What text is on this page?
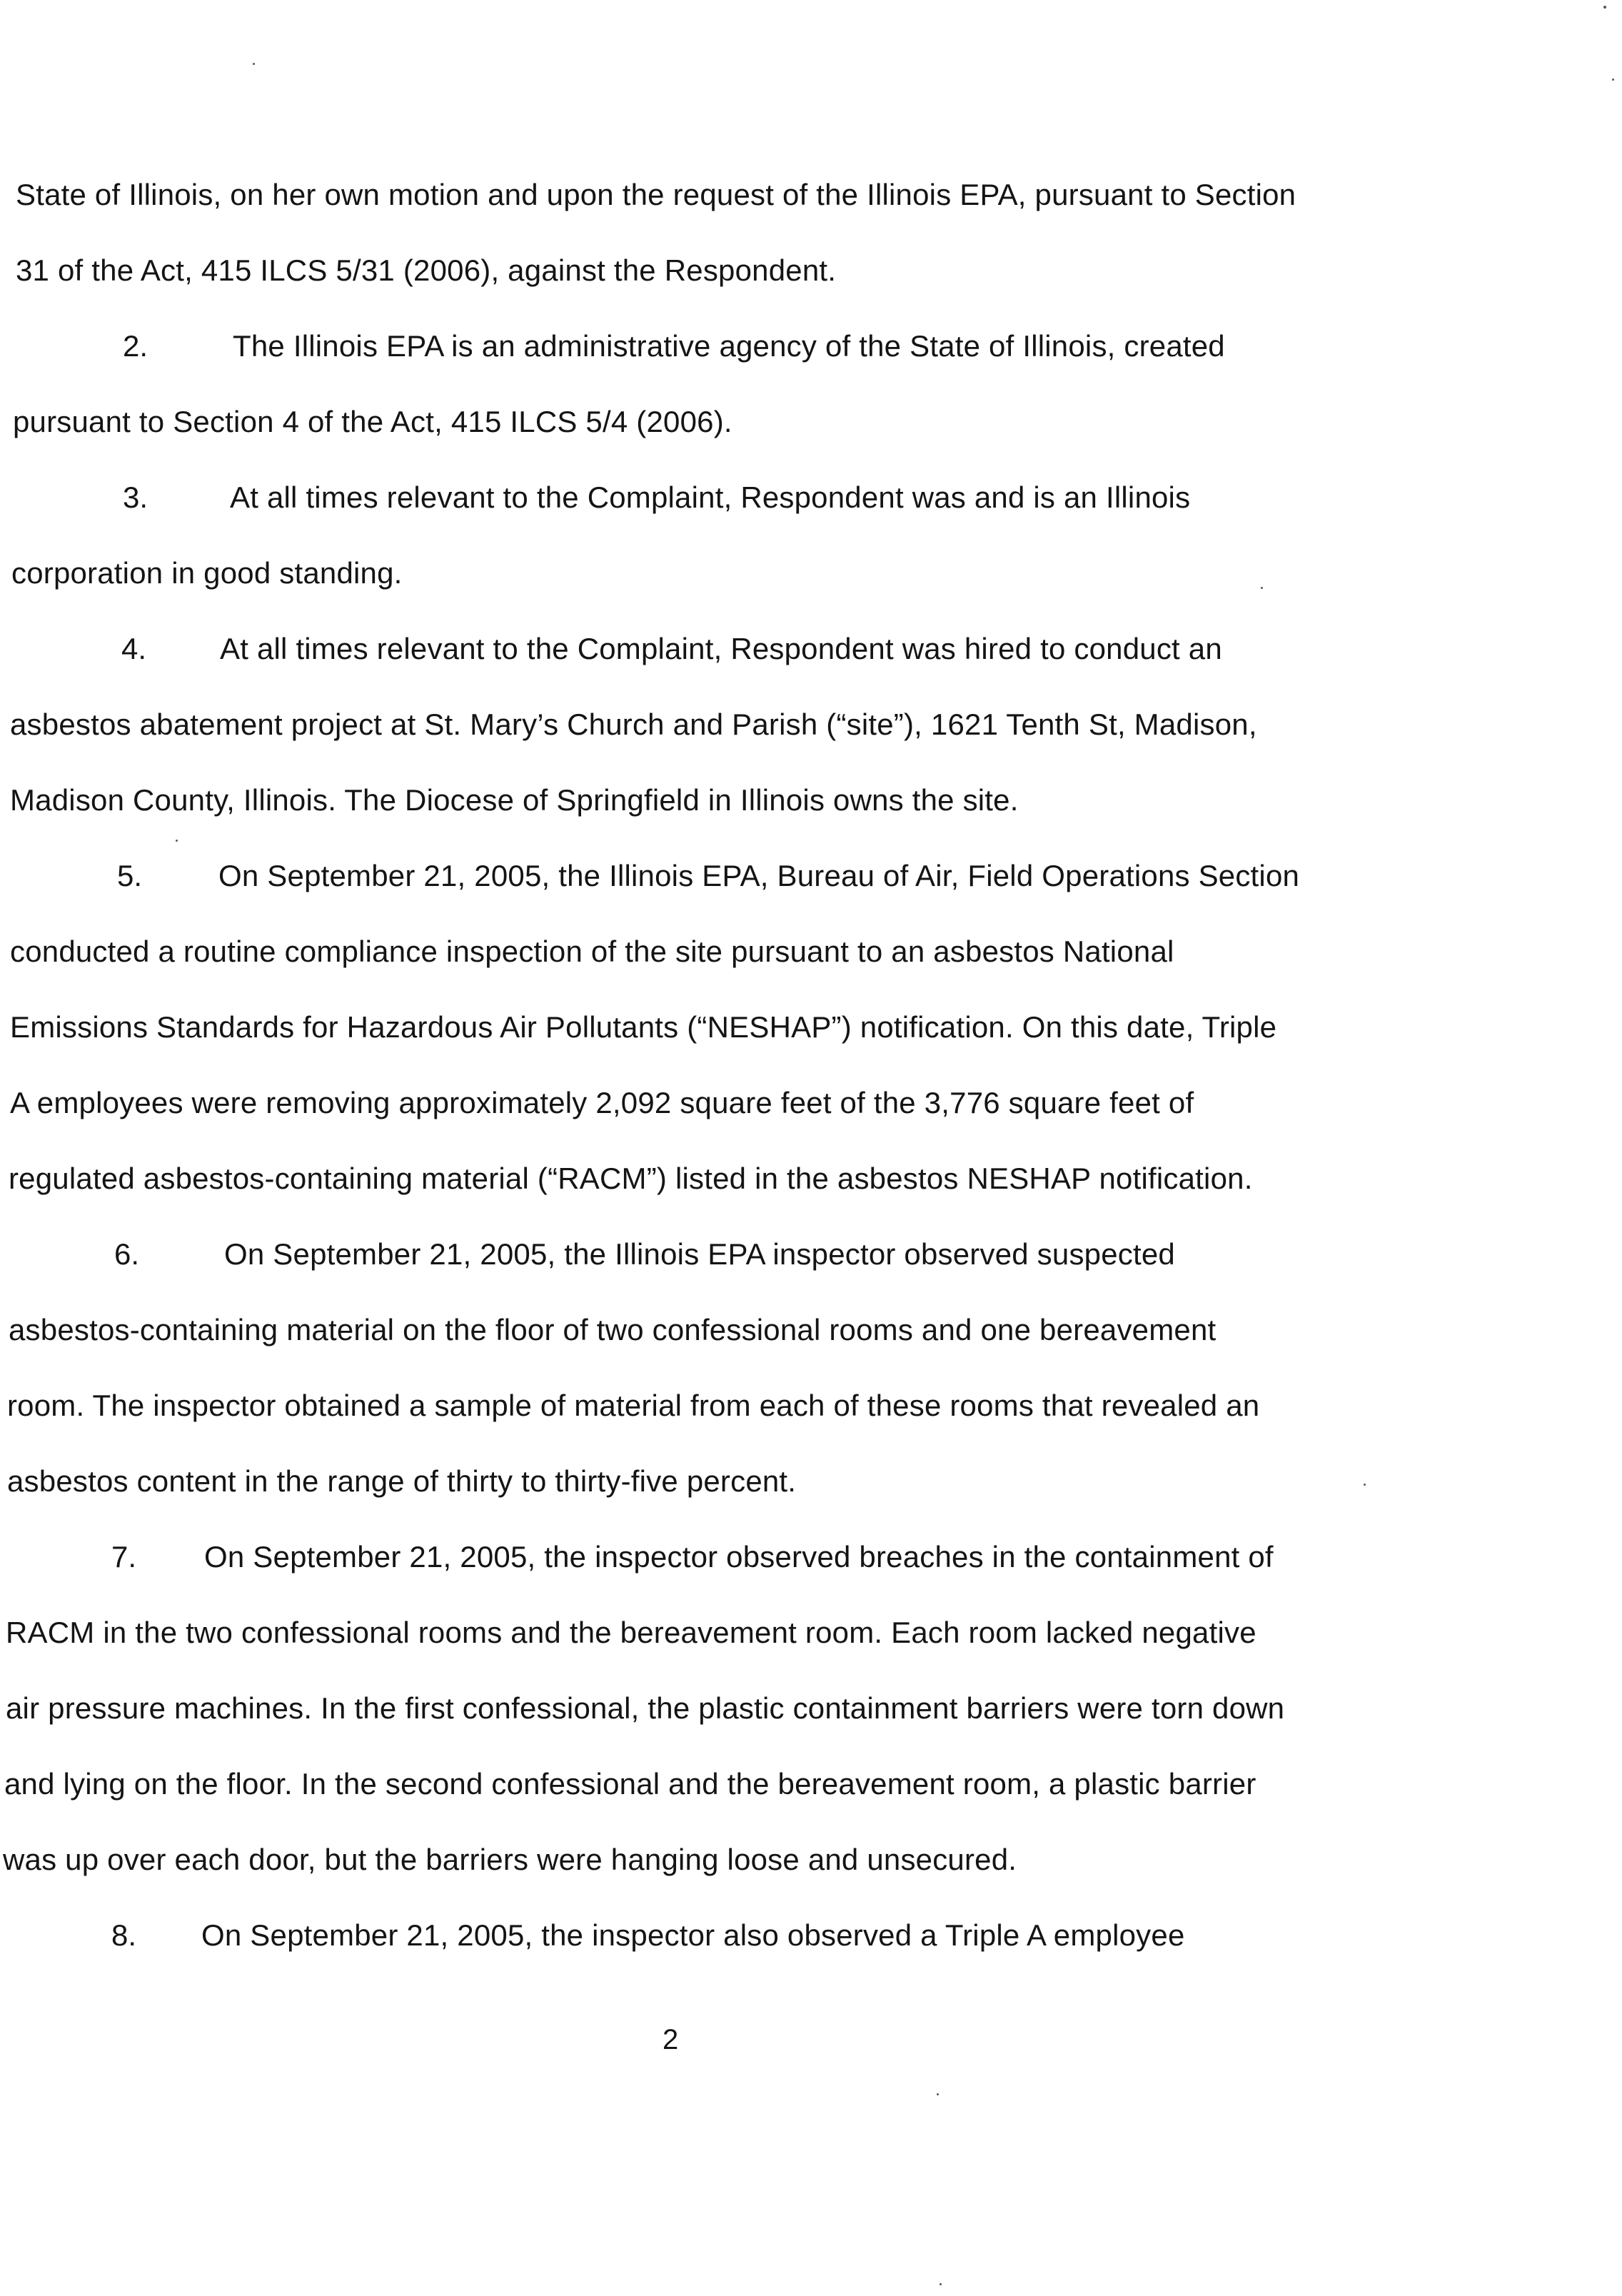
State of Illinois, on her own motion and upon the request of the Illinois EPA, pursuant to Section
31 of the Act, 415 ILCS 5/31 (2006), against the Respondent.
2.	The Illinois EPA is an administrative agency of the State of Illinois, created
pursuant to Section 4 of the Act, 415 ILCS 5/4 (2006).
3.	At all times relevant to the Complaint, Respondent was and is an Illinois
corporation in good standing.
4. At all times relevant to the Complaint, Respondent was hired to conduct an
asbestos abatement project at St. Mary’s Church and Parish (“site”), 1621 Tenth St, Madison,
Madison County, Illinois. The Diocese of Springfield in Illinois owns the site.
5.	On September 21, 2005, the Illinois EPA, Bureau of Air, Field Operations Section
conducted a routine compliance inspection of the site pursuant to an asbestos National
Emissions Standards for Hazardous Air Pollutants (“NESHAP”) notification. On this date, Triple
A employees were removing approximately 2,092 square feet of the 3,776 square feet of
regulated asbestos-containing material (“RACM”) listed in the asbestos NESHAP notification.
6.	On September 21, 2005, the Illinois EPA inspector observed suspected
asbestos-containing material on the floor of two confessional rooms and one bereavement
room. The inspector obtained a sample of material from each of these rooms that revealed an
asbestos content in the range of thirty to thirty-five percent.
7. On September 21, 2005, the inspector observed breaches in the containment of
RACM in the two confessional rooms and the bereavement room. Each room lacked negative
air pressure machines. In the first confessional, the plastic containment barriers were torn down
and lying on the floor. In the second confessional and the bereavement room, a plastic barrier
was up over each door, but the barriers were hanging loose and unsecured.
8. On September 21, 2005, the inspector also observed a Triple A employee
2
